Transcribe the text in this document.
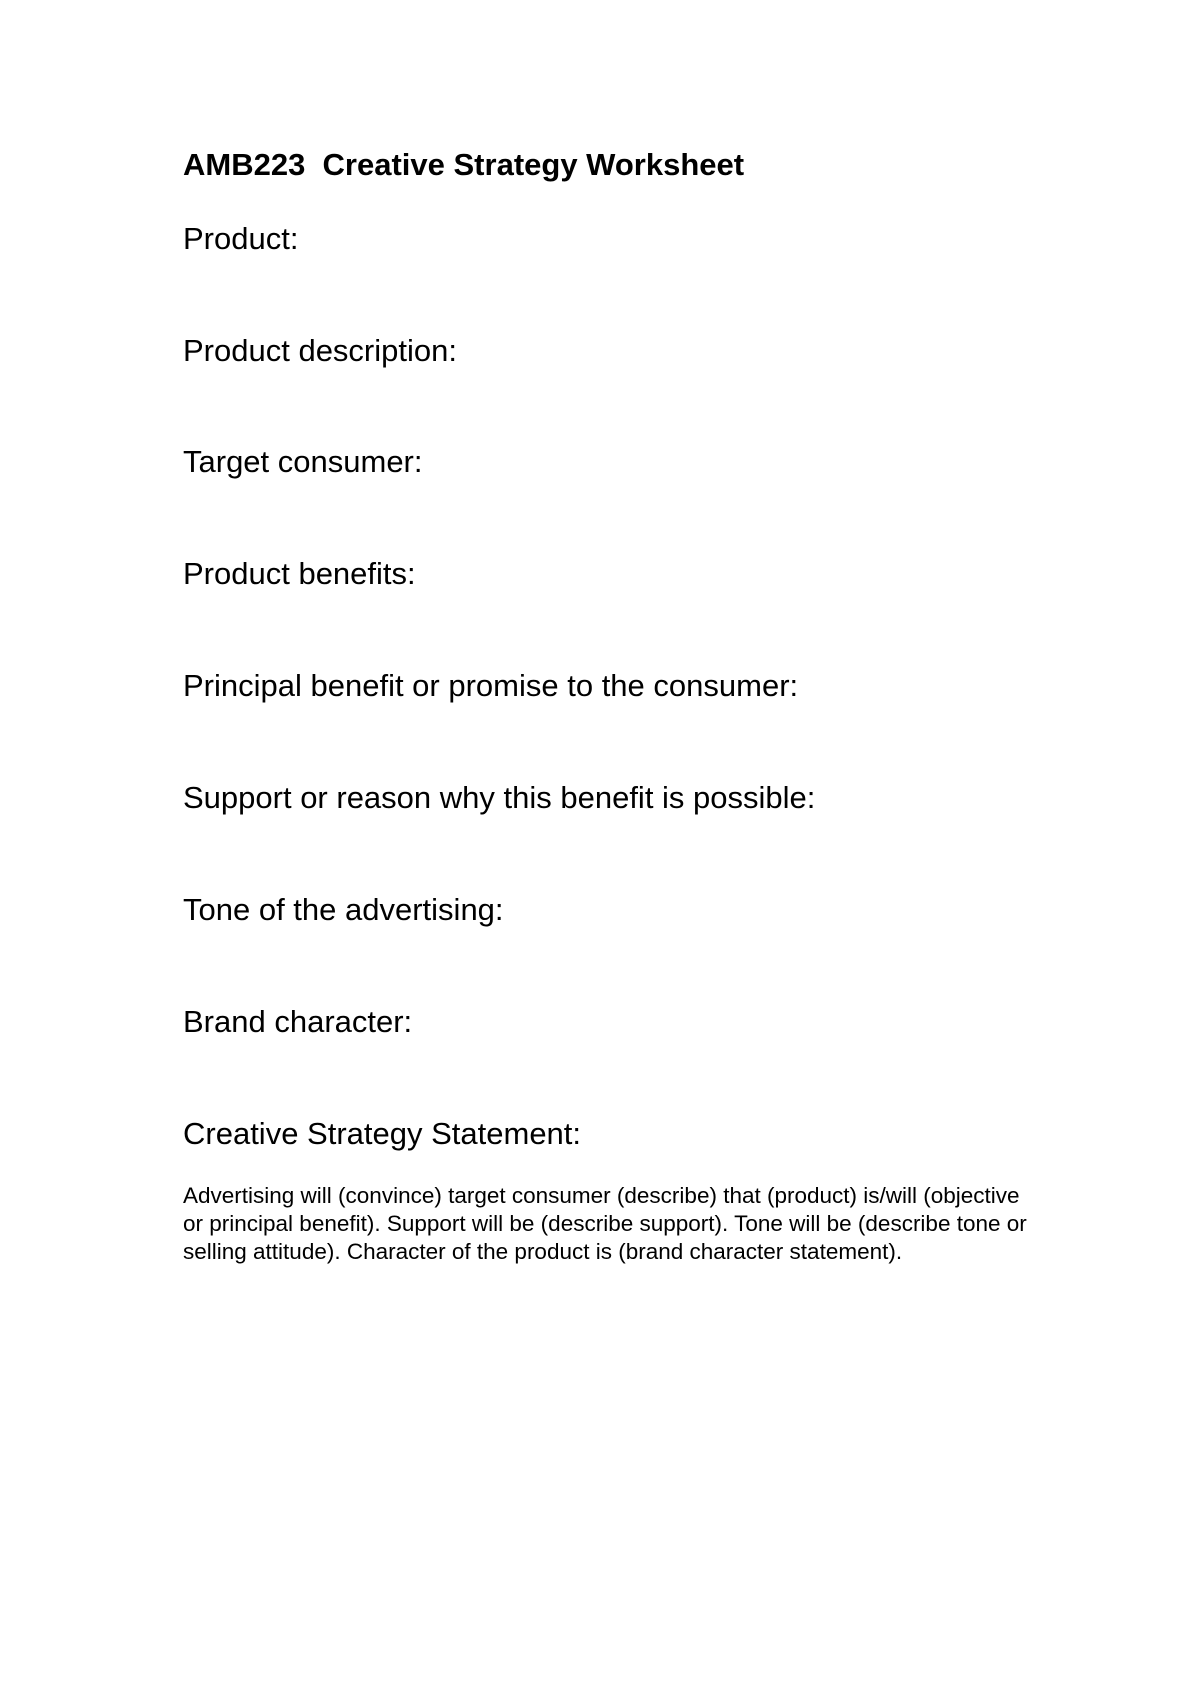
AMB223  Creative Strategy Worksheet

Product:

Product description:

Target consumer:

Product benefits:

Principal benefit or promise to the consumer:

Support or reason why this benefit is possible:

Tone of the advertising:

Brand character:

Creative Strategy Statement:

Advertising will (convince) target consumer (describe) that (product) is/will (objective or principal benefit). Support will be (describe support). Tone will be (describe tone or selling attitude). Character of the product is (brand character statement).
